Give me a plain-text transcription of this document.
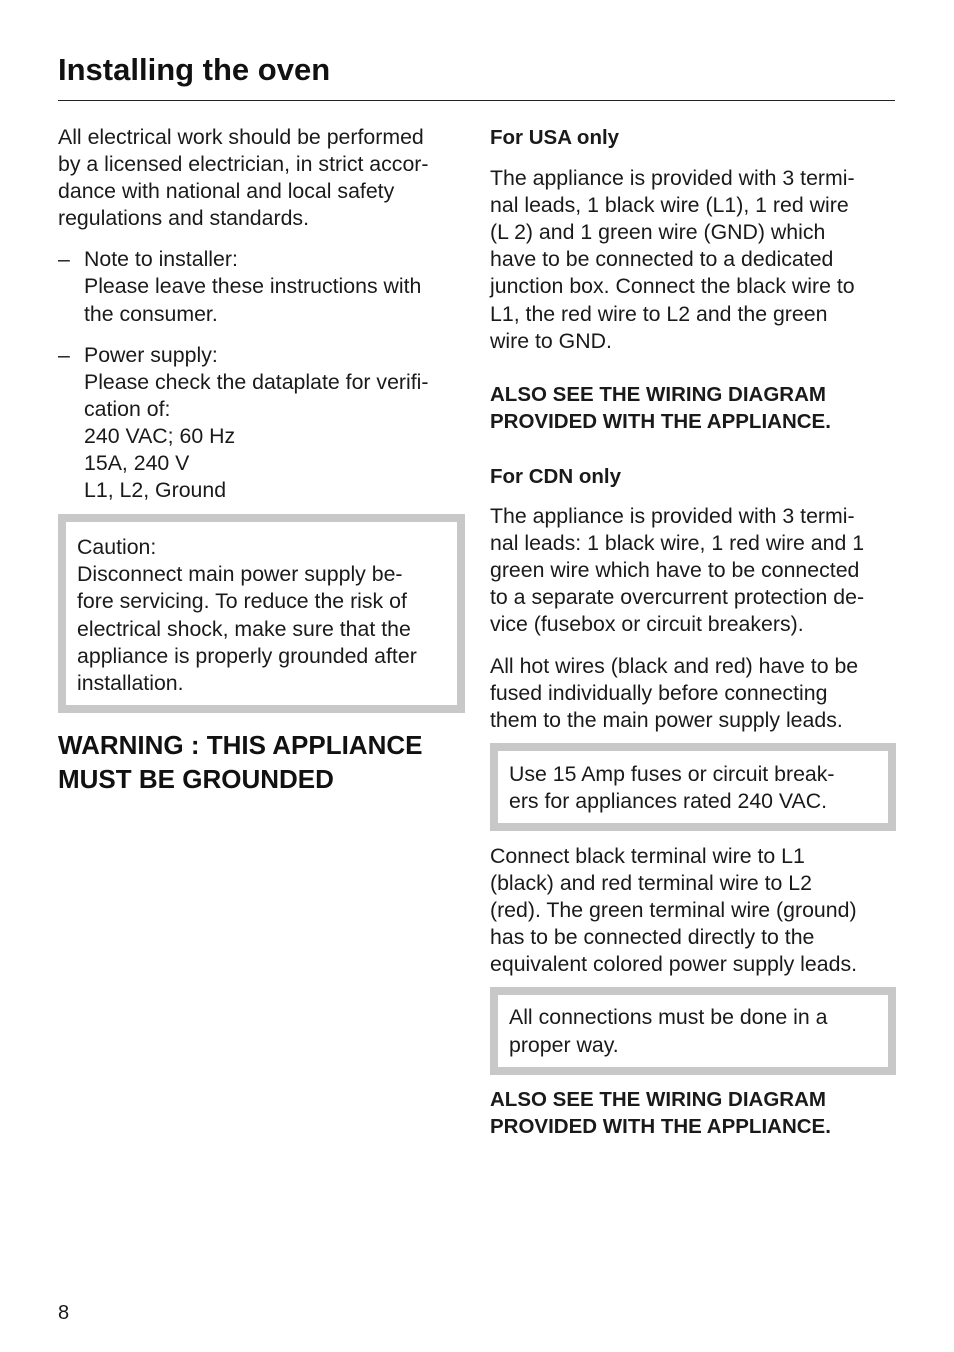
Installing the oven

All electrical work should be performed
by a licensed electrician, in strict accor-
dance with national and local safety
regulations and standards.

– Note to installer:
Please leave these instructions with
the consumer.
– Power supply:
Please check the dataplate for verifi-
cation of:
240 VAC; 60 Hz
15A, 240 V
L1, L2, Ground
Caution:
Disconnect main power supply be-
fore servicing. To reduce the risk of
electrical shock, make sure that the
appliance is properly grounded after
installation.

WARNING : THIS APPLIANCE
MUST BE GROUNDED

For USA only

The appliance is provided with 3 termi-
nal leads, 1 black wire (L1), 1 red wire
(L 2) and 1 green wire (GND) which
have to be connected to a dedicated
junction box. Connect the black wire to
L1, the red wire to L2 and the green
wire to GND.

ALSO SEE THE WIRING DIAGRAM
PROVIDED WITH THE APPLIANCE.

For CDN only

The appliance is provided with 3 termi-
nal leads: 1 black wire, 1 red wire and 1
green wire which have to be connected
to a separate overcurrent protection de-
vice (fusebox or circuit breakers).

All hot wires (black and red) have to be
fused individually before connecting
them to the main power supply leads.

Use 15 Amp fuses or circuit break-
ers for appliances rated 240 VAC.

Connect black terminal wire to L1
(black) and red terminal wire to L2
(red). The green terminal wire (ground)
has to be connected directly to the
equivalent colored power supply leads.

All connections must be done in a
proper way.

ALSO SEE THE WIRING DIAGRAM
PROVIDED WITH THE APPLIANCE.

8
